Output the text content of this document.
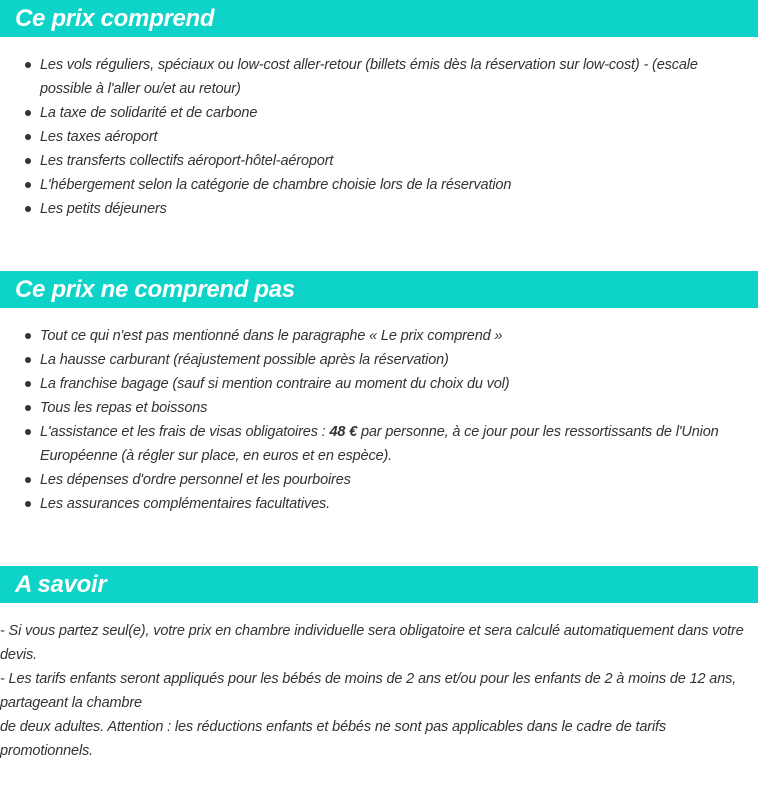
Ce prix comprend
Les vols réguliers, spéciaux ou low-cost aller-retour (billets émis dès la réservation sur low-cost) - (escale possible à l'aller ou/et au retour)
La taxe de solidarité et de carbone
Les taxes aéroport
Les transferts collectifs aéroport-hôtel-aéroport
L'hébergement selon la catégorie de chambre choisie lors de la réservation
Les petits déjeuners
Ce prix ne comprend pas
Tout ce qui n'est pas mentionné dans le paragraphe « Le prix comprend »
La hausse carburant (réajustement possible après la réservation)
La franchise bagage (sauf si mention contraire au moment du choix du vol)
Tous les repas et boissons
L'assistance et les frais de visas obligatoires : 48 € par personne, à ce jour pour les ressortissants de l'Union Européenne (à régler sur place, en euros et en espèce).
Les dépenses d'ordre personnel et les pourboires
Les assurances complémentaires facultatives.
A savoir

- Si vous partez seul(e), votre prix en chambre individuelle sera obligatoire et sera calculé automatiquement dans votre devis.

- Les tarifs enfants seront appliqués pour les bébés de moins de 2 ans et/ou pour les enfants de 2 à moins de 12 ans, partageant la chambre

de deux adultes. Attention : les réductions enfants et bébés ne sont pas applicables dans le cadre de tarifs promotionnels.
